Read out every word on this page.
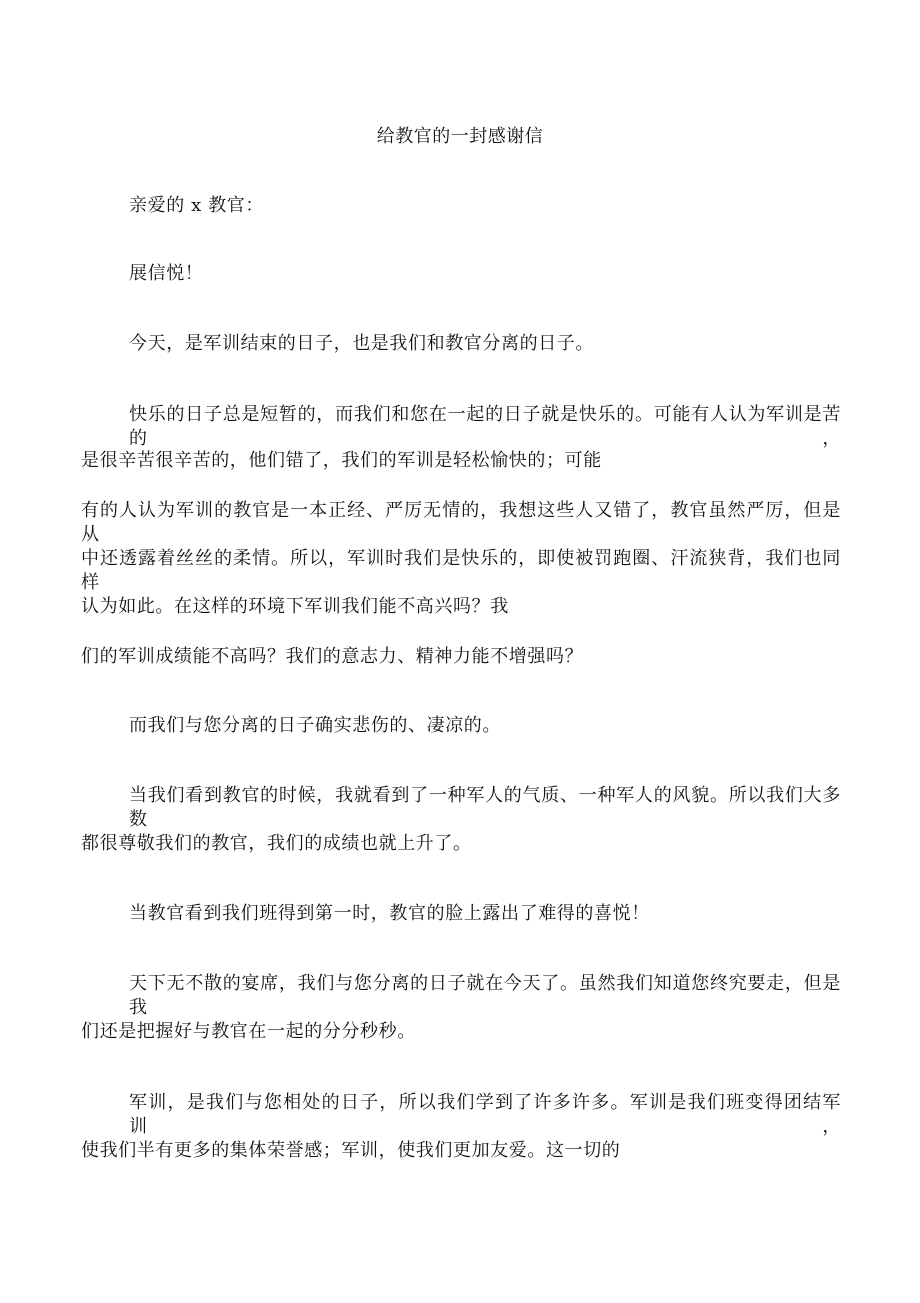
给教官的一封感谢信
亲爱的 x 教官：
展信悦！
今天，是军训结束的日子，也是我们和教官分离的日子。
快乐的日子总是短暂的，而我们和您在一起的日子就是快乐的。可能有人认为军训是苦的，
是很辛苦很辛苦的，他们错了，我们的军训是轻松愉快的；可能
有的人认为军训的教官是一本正经、严厉无情的，我想这些人又错了，教官虽然严厉，但是从
中还透露着丝丝的柔情。所以，军训时我们是快乐的，即使被罚跑圈、汗流狭背，我们也同样
认为如此。在这样的环境下军训我们能不高兴吗？我
们的军训成绩能不高吗？我们的意志力、精神力能不增强吗？
而我们与您分离的日子确实悲伤的、凄凉的。
当我们看到教官的时候，我就看到了一种军人的气质、一种军人的风貌。所以我们大多数
都很尊敬我们的教官，我们的成绩也就上升了。
当教官看到我们班得到第一时，教官的脸上露出了难得的喜悦！
天下无不散的宴席，我们与您分离的日子就在今天了。虽然我们知道您终究要走，但是我
们还是把握好与教官在一起的分分秒秒。
军训，是我们与您相处的日子，所以我们学到了许多许多。军训是我们班变得团结军训，
使我们半有更多的集体荣誉感；军训，使我们更加友爱。这一切的
